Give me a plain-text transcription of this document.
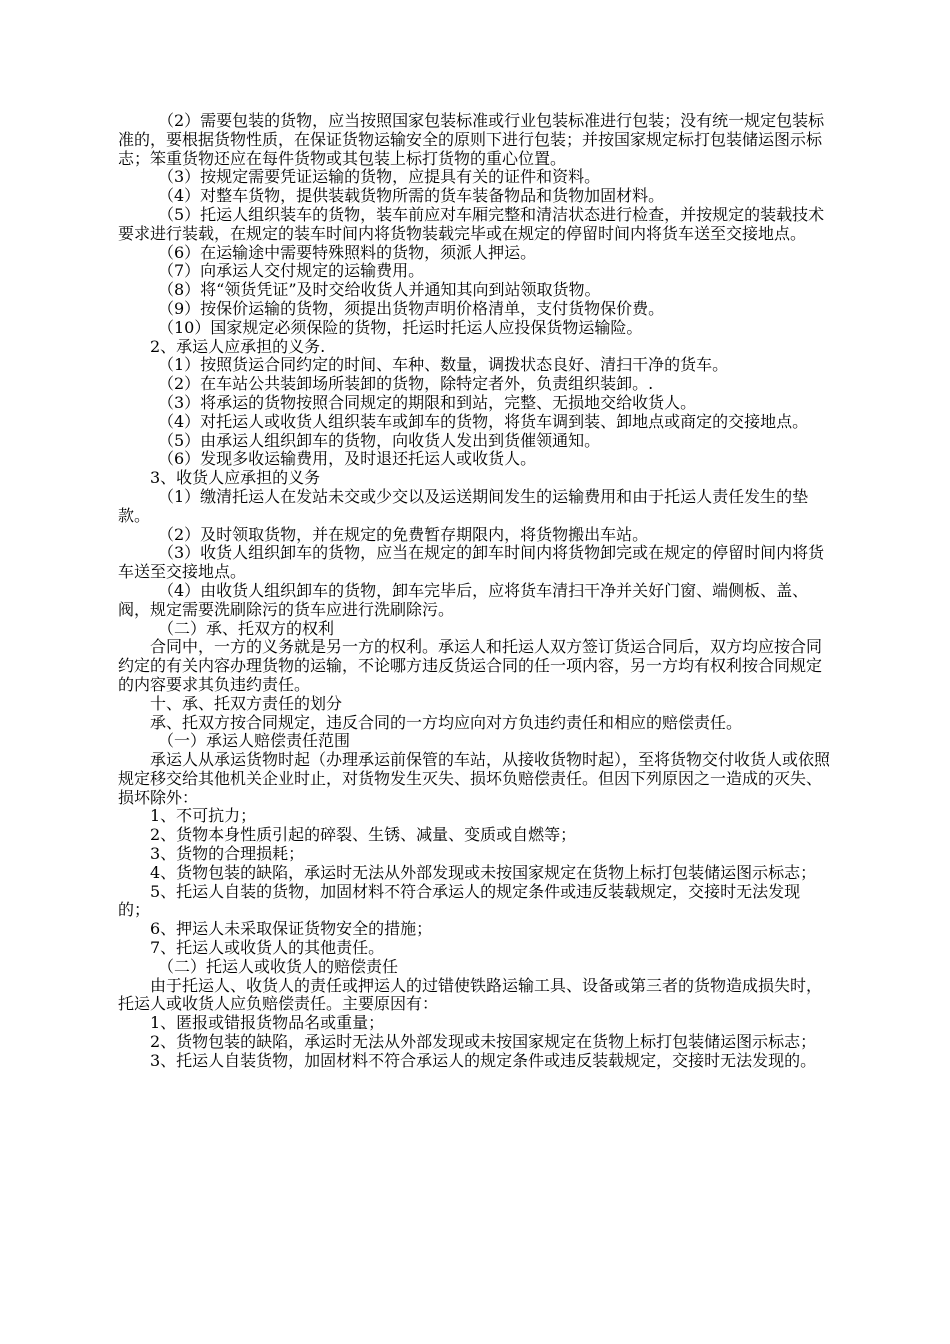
（2）需要包装的货物，应当按照国家包装标准或行业包装标准进行包装；没有统一规定包装标准的，要根据货物性质，在保证货物运输安全的原则下进行包装；并按国家规定标打包装储运图示标志；笨重货物还应在每件货物或其包装上标打货物的重心位置。

（3）按规定需要凭证运输的货物，应提具有关的证件和资料。

（4）对整车货物，提供装载货物所需的货车装备物品和货物加固材料。

（5）托运人组织装车的货物，装车前应对车厢完整和清洁状态进行检查，并按规定的装载技术要求进行装载，在规定的装车时间内将货物装载完毕或在规定的停留时间内将货车送至交接地点。

（6）在运输途中需要特殊照料的货物，须派人押运。

（7）向承运人交付规定的运输费用。

（8）将“领货凭证”及时交给收货人并通知其向到站领取货物。

（9）按保价运输的货物，须提出货物声明价格清单，支付货物保价费。

（10）国家规定必须保险的货物，托运时托运人应投保货物运输险。

2、承运人应承担的义务.

（1）按照货运合同约定的时间、车种、数量，调拨状态良好、清扫干净的货车。

（2）在车站公共装卸场所装卸的货物，除特定者外，负责组织装卸。.

（3）将承运的货物按照合同规定的期限和到站，完整、无损地交给收货人。

（4）对托运人或收货人组织装车或卸车的货物，将货车调到装、卸地点或商定的交接地点。

（5）由承运人组织卸车的货物，向收货人发出到货催领通知。

（6）发现多收运输费用，及时退还托运人或收货人。

3、收货人应承担的义务

（1）缴清托运人在发站未交或少交以及运送期间发生的运输费用和由于托运人责任发生的垫款。

（2）及时领取货物，并在规定的免费暂存期限内，将货物搬出车站。

（3）收货人组织卸车的货物，应当在规定的卸车时间内将货物卸完或在规定的停留时间内将货车送至交接地点。

（4）由收货人组织卸车的货物，卸车完毕后，应将货车清扫干净并关好门窗、端侧板、盖、阀，规定需要洗刷除污的货车应进行洗刷除污。

（二）承、托双方的权利

合同中，一方的义务就是另一方的权利。承运人和托运人双方签订货运合同后，双方均应按合同约定的有关内容办理货物的运输，不论哪方违反货运合同的任一项内容，另一方均有权利按合同规定的内容要求其负违约责任。

十、承、托双方责任的划分

承、托双方按合同规定，违反合同的一方均应向对方负违约责任和相应的赔偿责任。

（一）承运人赔偿责任范围

承运人从承运货物时起（办理承运前保管的车站，从接收货物时起），至将货物交付收货人或依照规定移交给其他机关企业时止，对货物发生灭失、损坏负赔偿责任。但因下列原因之一造成的灭失、损坏除外：

1、不可抗力；

2、货物本身性质引起的碎裂、生锈、减量、变质或自燃等；

3、货物的合理损耗；

4、货物包装的缺陷，承运时无法从外部发现或未按国家规定在货物上标打包装储运图示标志；

5、托运人自装的货物，加固材料不符合承运人的规定条件或违反装载规定，交接时无法发现的；

6、押运人未采取保证货物安全的措施；

7、托运人或收货人的其他责任。

（二）托运人或收货人的赔偿责任

由于托运人、收货人的责任或押运人的过错使铁路运输工具、设备或第三者的货物造成损失时，托运人或收货人应负赔偿责任。主要原因有：

1、匿报或错报货物品名或重量；

2、货物包装的缺陷，承运时无法从外部发现或未按国家规定在货物上标打包装储运图示标志；

3、托运人自装货物，加固材料不符合承运人的规定条件或违反装载规定，交接时无法发现的。
